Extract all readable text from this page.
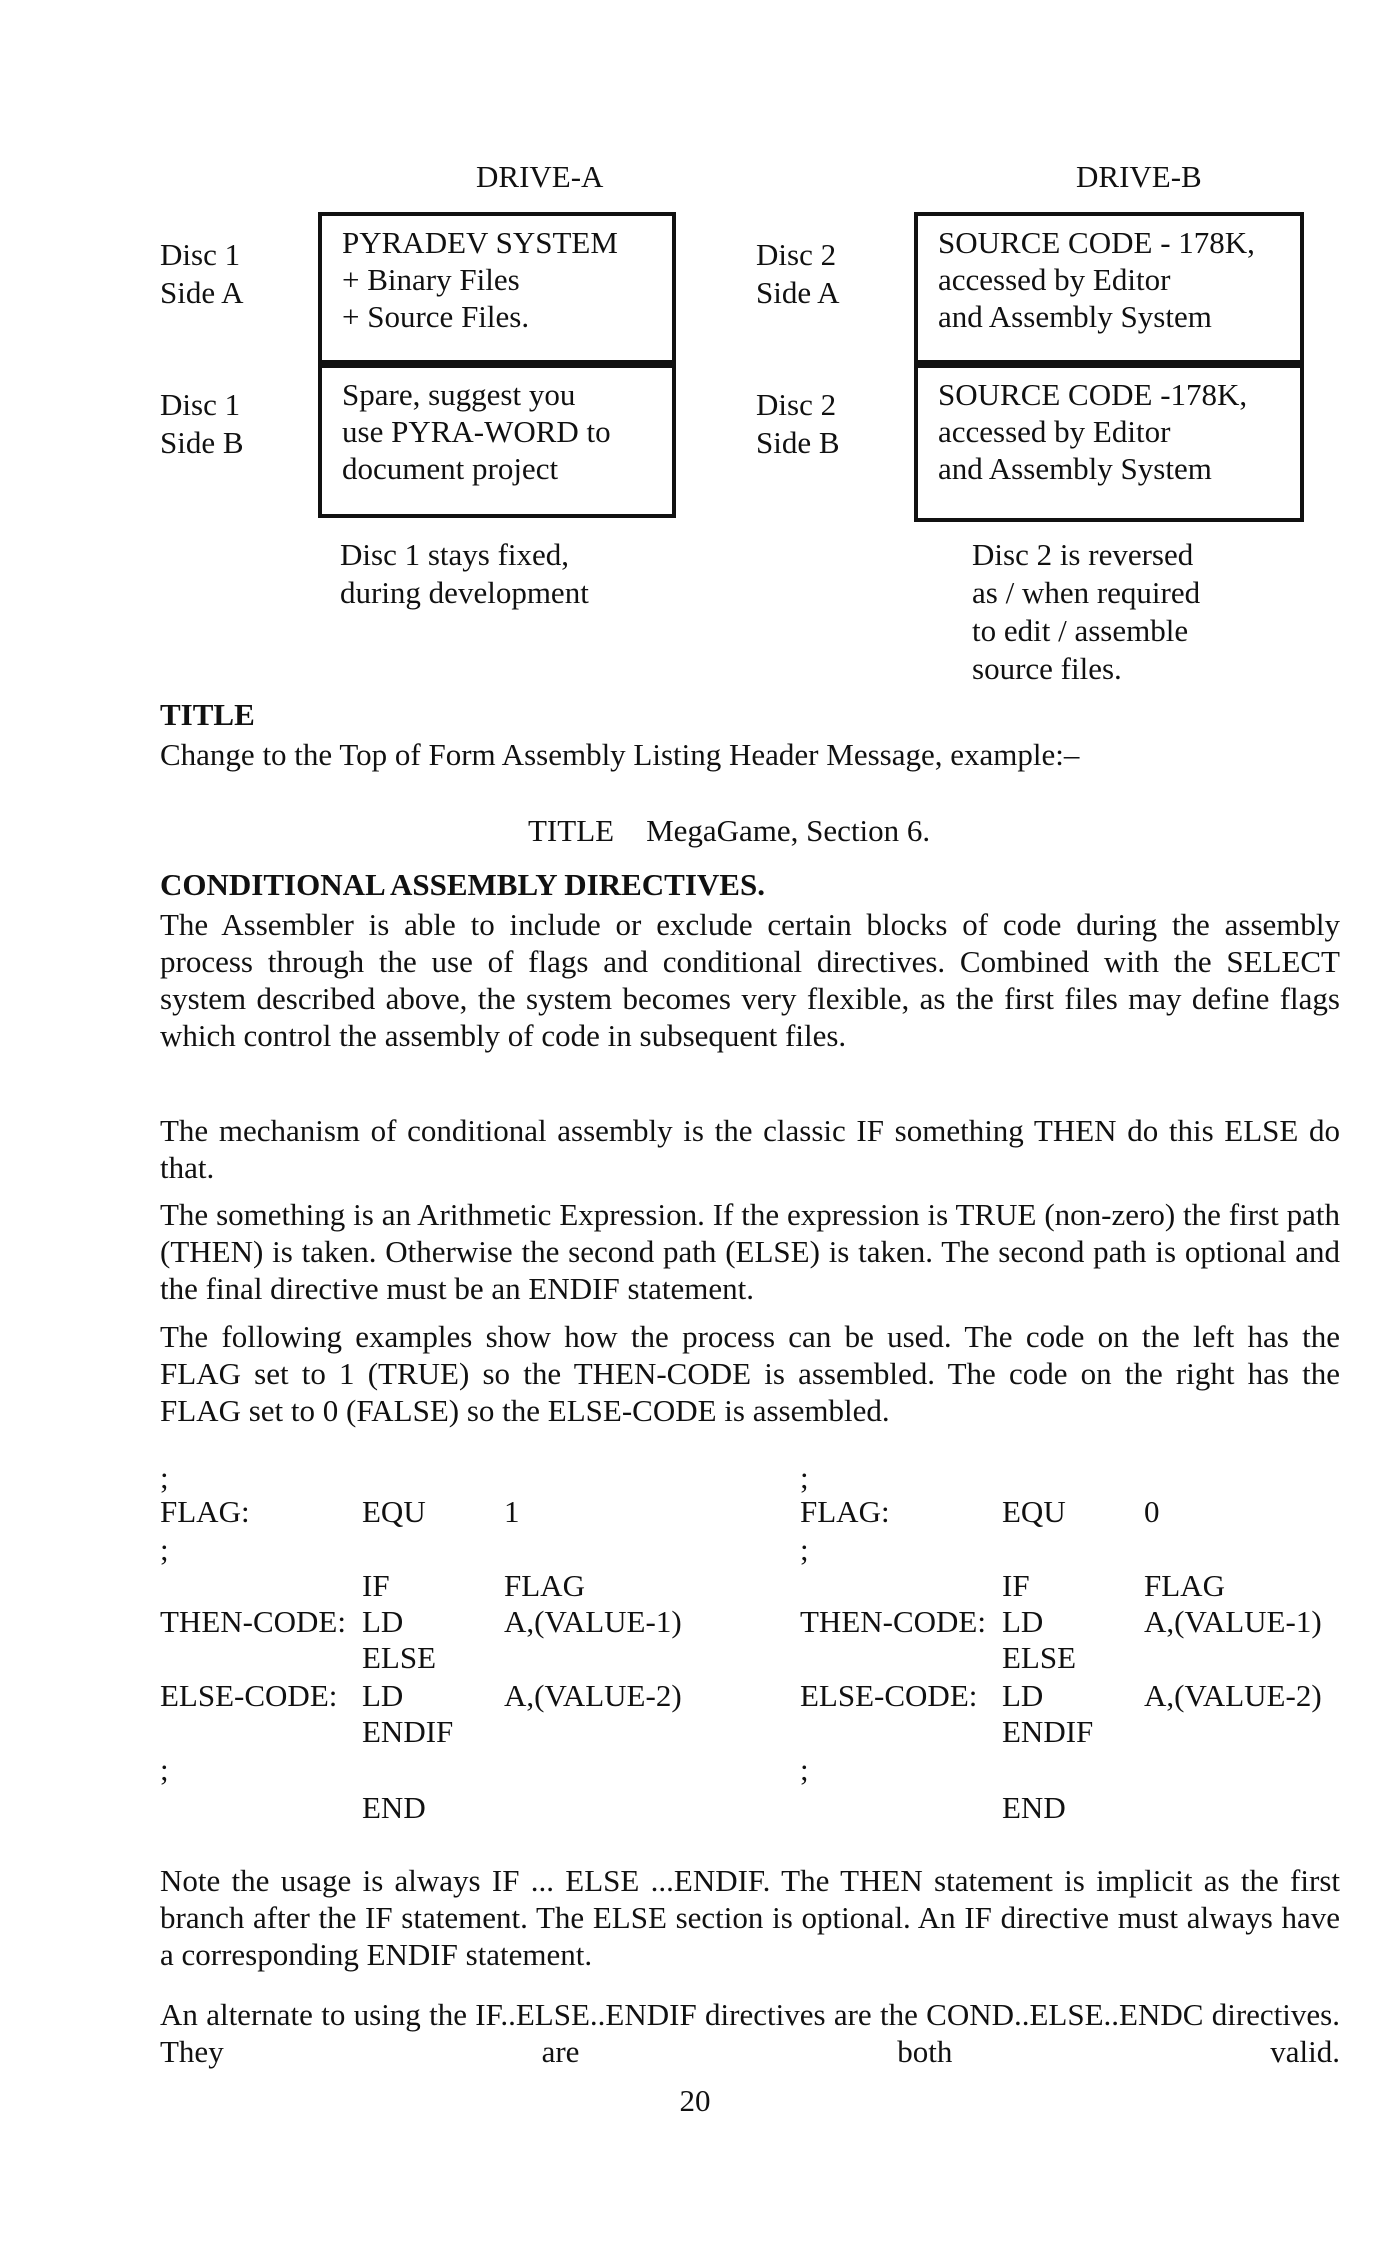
DRIVE-A	DRIVE-B
Disc 1
Side A
Disc 1
Side B
Disc 2
Side A
Disc 2
Side B
PYRADEV SYSTEM
+ Binary Files
+ Source Files.
Spare, suggest you
use PYRA-WORD to
document project
SOURCE CODE - 178K,
accessed by Editor
and Assembly System
SOURCE CODE -178K,
accessed by Editor
and Assembly System
Disc 1 stays fixed,
during development
Disc 2 is reversed
as / when required
to edit / assemble
source files.
TITLE
Change to the Top of Form Assembly Listing Header Message, example:–
TITLE MegaGame, Section 6.
CONDITIONAL ASSEMBLY DIRECTIVES.
The Assembler is able to include or exclude certain blocks of code during the assembly process through the use of flags and conditional directives. Combined with the SELECT system described above, the system becomes very flexible, as the first files may define flags which control the assembly of code in subsequent files.
The mechanism of conditional assembly is the classic IF something THEN do this ELSE do that.
The something is an Arithmetic Expression. If the expression is TRUE (non-zero) the first path (THEN) is taken. Otherwise the second path (ELSE) is taken. The second path is optional and the final directive must be an ENDIF statement.
The following examples show how the process can be used. The code on the left has the FLAG set to 1 (TRUE) so the THEN-CODE is assembled. The code on the right has the FLAG set to 0 (FALSE) so the ELSE-CODE is assembled.
;
FLAG:	EQU	1
;
IF	FLAG
THEN-CODE: LD	A,(VALUE-1)
ELSE
ELSE-CODE: LD	A,(VALUE-2)
ENDIF
;
END
;
FLAG:	EQU	0
;
IF	FLAG
THEN-CODE: LD	A,(VALUE-1)
ELSE
ELSE-CODE: LD	A,(VALUE-2)
ENDIF
;
END
Note the usage is always IF ... ELSE ...ENDIF. The THEN statement is implicit as the first branch after the IF statement. The ELSE section is optional. An IF directive must always have a corresponding ENDIF statement.
An alternate to using the IF..ELSE..ENDIF directives are the COND..ELSE..ENDC directives. They are both valid.
20
